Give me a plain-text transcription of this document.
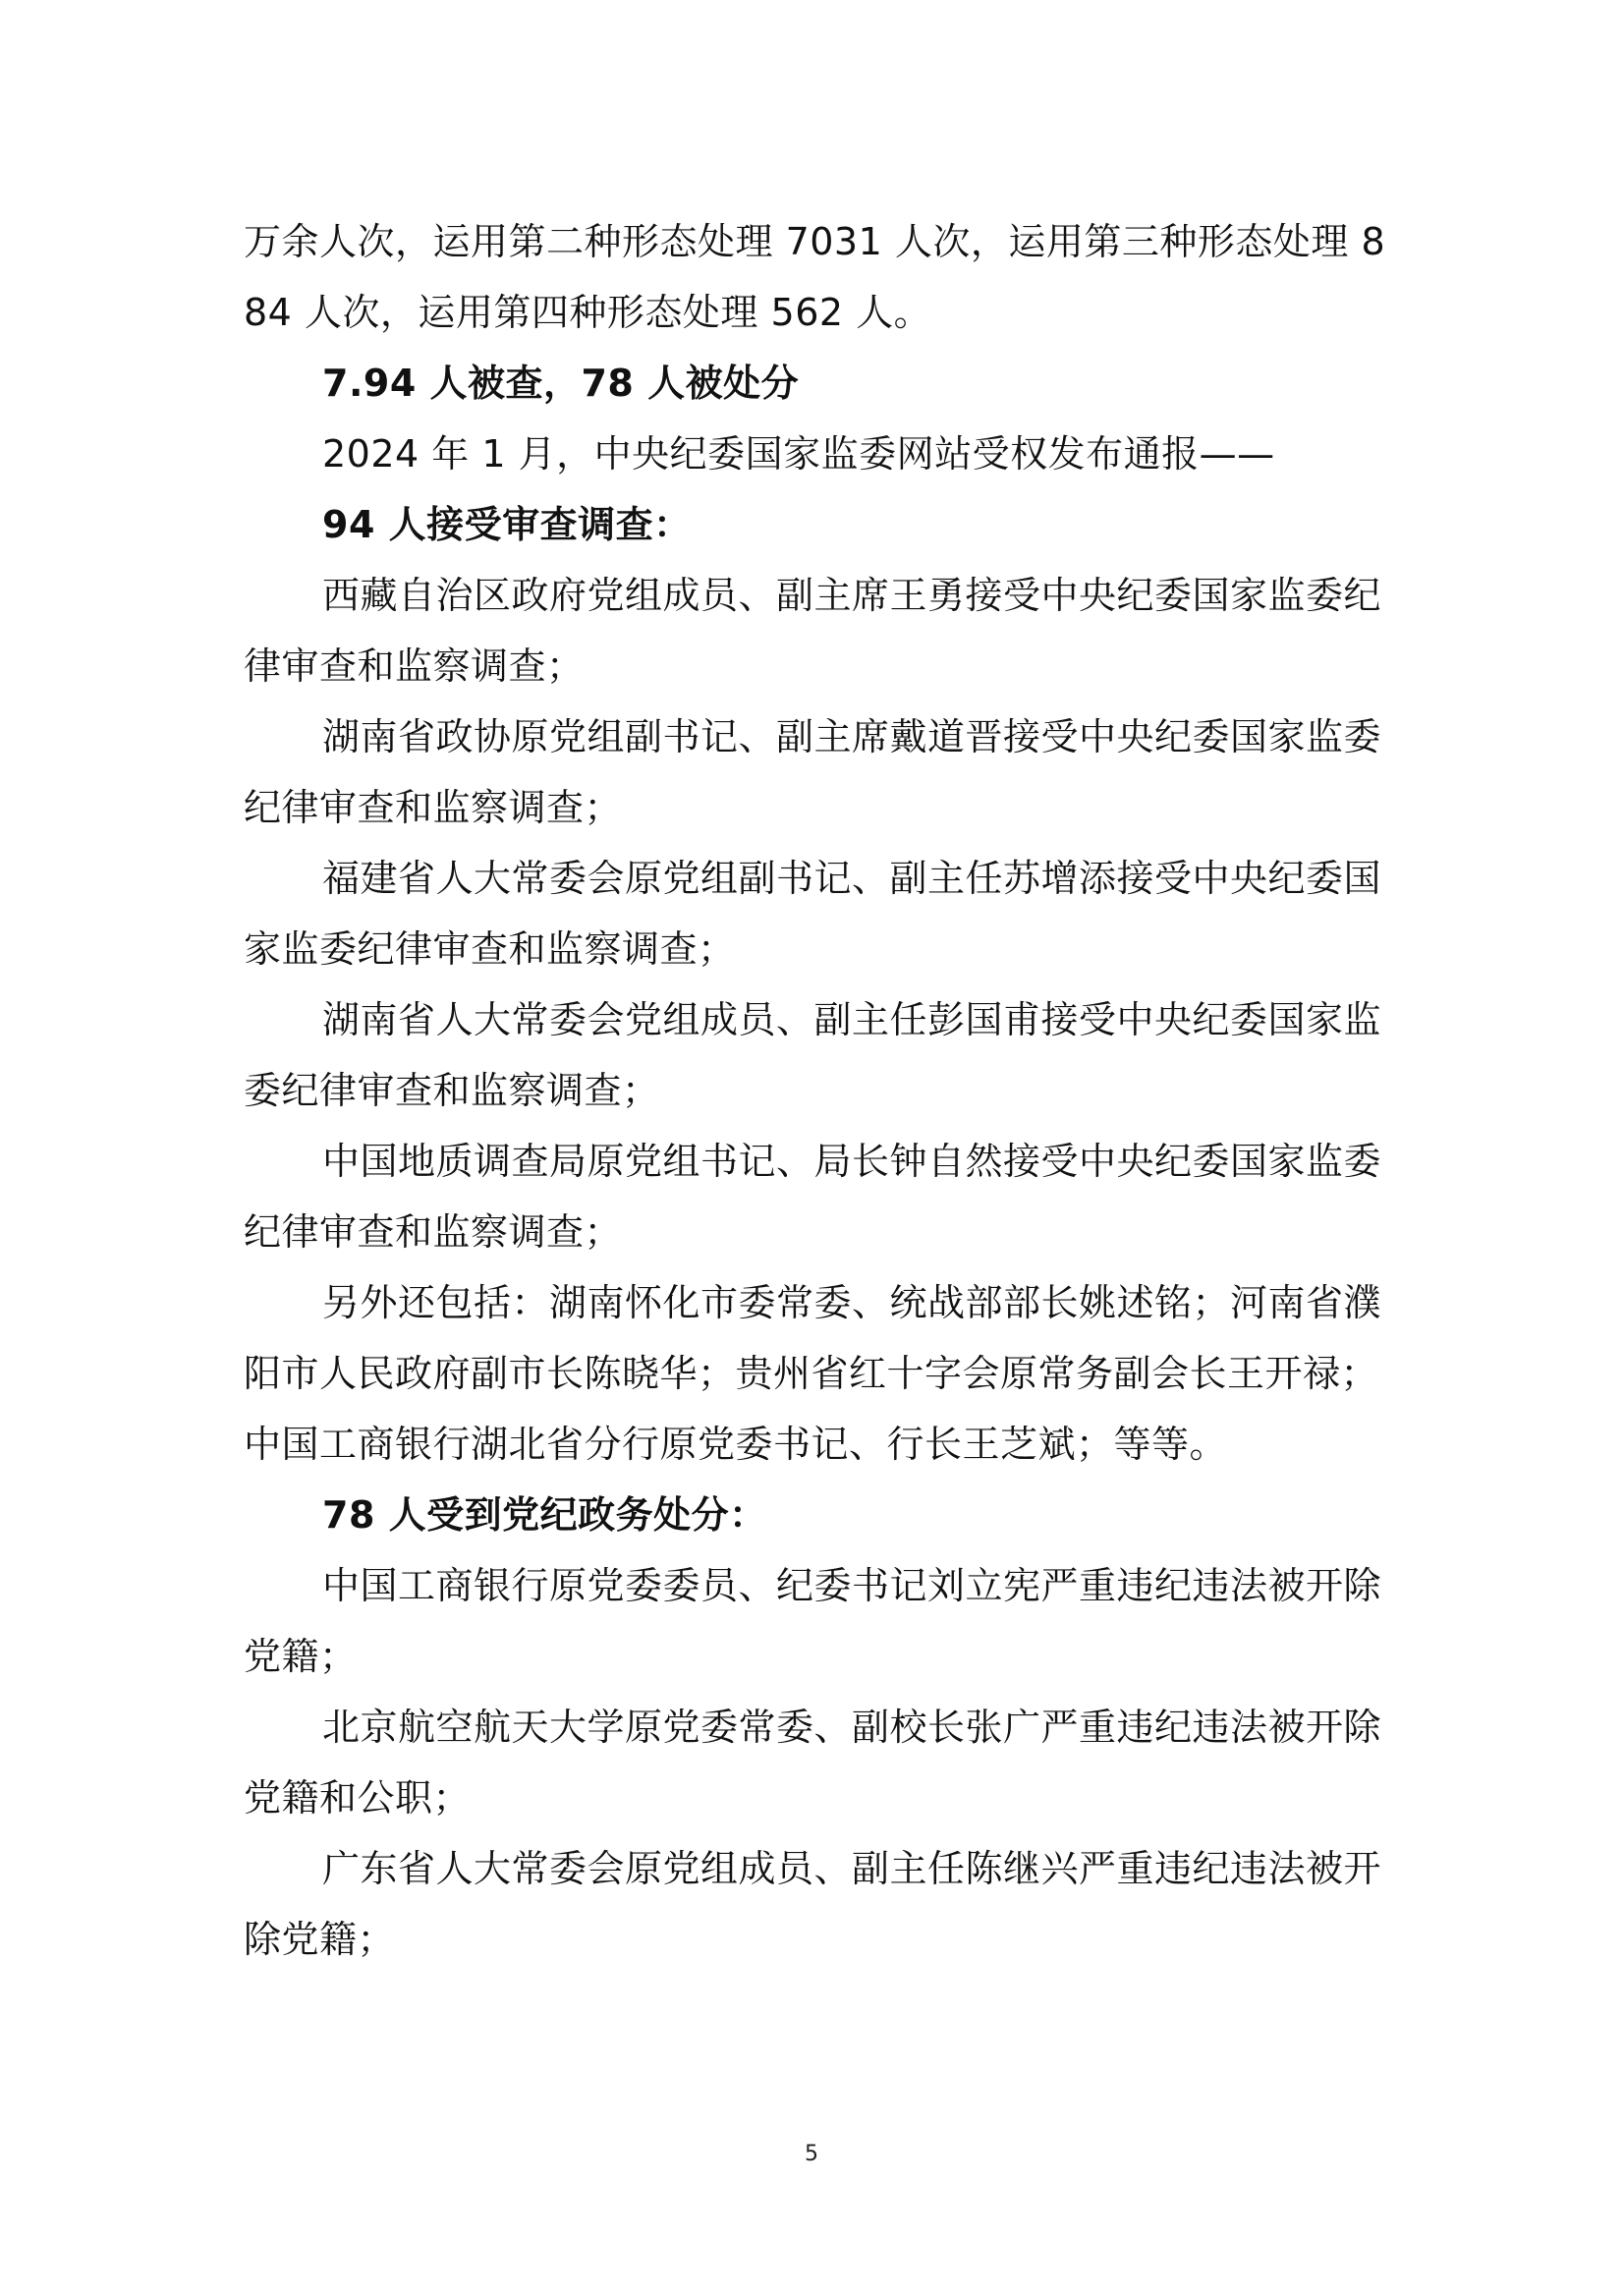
万余人次，运用第二种形态处理 7031 人次，运用第三种形态处理 884 人次，运用第四种形态处理 562 人。

7.94 人被查，78 人被处分

2024 年 1 月，中央纪委国家监委网站受权发布通报——

94 人接受审查调查：

西藏自治区政府党组成员、副主席王勇接受中央纪委国家监委纪律审查和监察调查；

湖南省政协原党组副书记、副主席戴道晋接受中央纪委国家监委纪律审查和监察调查；

福建省人大常委会原党组副书记、副主任苏增添接受中央纪委国家监委纪律审查和监察调查；

湖南省人大常委会党组成员、副主任彭国甫接受中央纪委国家监委纪律审查和监察调查；

中国地质调查局原党组书记、局长钟自然接受中央纪委国家监委纪律审查和监察调查；

另外还包括：湖南怀化市委常委、统战部部长姚述铭；河南省濮阳市人民政府副市长陈晓华；贵州省红十字会原常务副会长王开禄；中国工商银行湖北省分行原党委书记、行长王芝斌；等等。

78 人受到党纪政务处分：

中国工商银行原党委委员、纪委书记刘立宪严重违纪违法被开除党籍；

北京航空航天大学原党委常委、副校长张广严重违纪违法被开除党籍和公职；

广东省人大常委会原党组成员、副主任陈继兴严重违纪违法被开除党籍；

5
